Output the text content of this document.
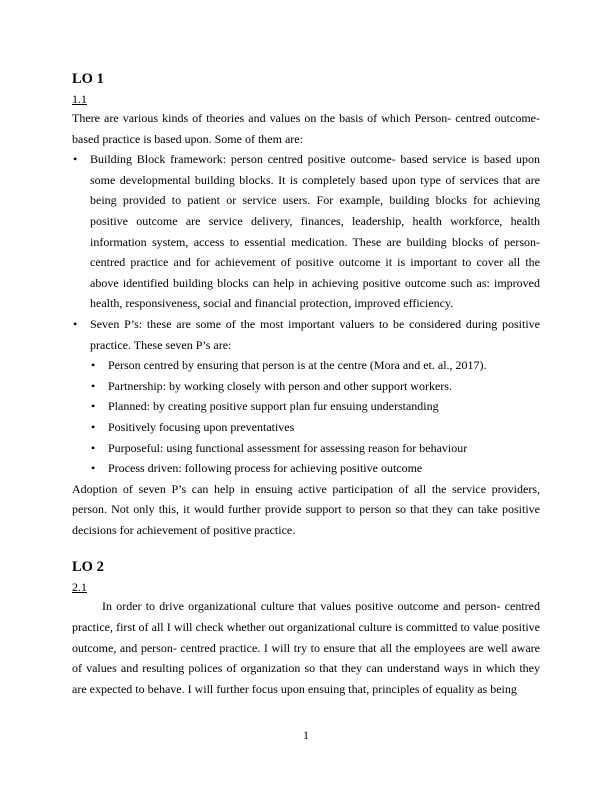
LO 1
1.1

There are various kinds of theories and values on the basis of which Person- centred outcome-based practice is based upon. Some of them are:

• Building Block framework: person centred positive outcome- based service is based upon some developmental building blocks. It is completely based upon type of services that are being provided to patient or service users. For example, building blocks for achieving positive outcome are service delivery, finances, leadership, health workforce, health information system, access to essential medication. These are building blocks of person-centred practice and for achievement of positive outcome it is important to cover all the above identified building blocks can help in achieving positive outcome such as: improved health, responsiveness, social and financial protection, improved efficiency.
• Seven P’s: these are some of the most important valuers to be considered during positive practice. These seven P’s are:
• Person centred by ensuring that person is at the centre (Mora and et. al., 2017).
• Partnership: by working closely with person and other support workers.
• Planned: by creating positive support plan fur ensuing understanding
• Positively focusing upon preventatives
• Purposeful: using functional assessment for assessing reason for behaviour
• Process driven: following process for achieving positive outcome

Adoption of seven P’s can help in ensuing active participation of all the service providers, person. Not only this, it would further provide support to person so that they can take positive decisions for achievement of positive practice.

LO 2
2.1

In order to drive organizational culture that values positive outcome and person- centred practice, first of all I will check whether out organizational culture is committed to value positive outcome, and person- centred practice. I will try to ensure that all the employees are well aware of values and resulting polices of organization so that they can understand ways in which they are expected to behave. I will further focus upon ensuing that, principles of equality as being

1
